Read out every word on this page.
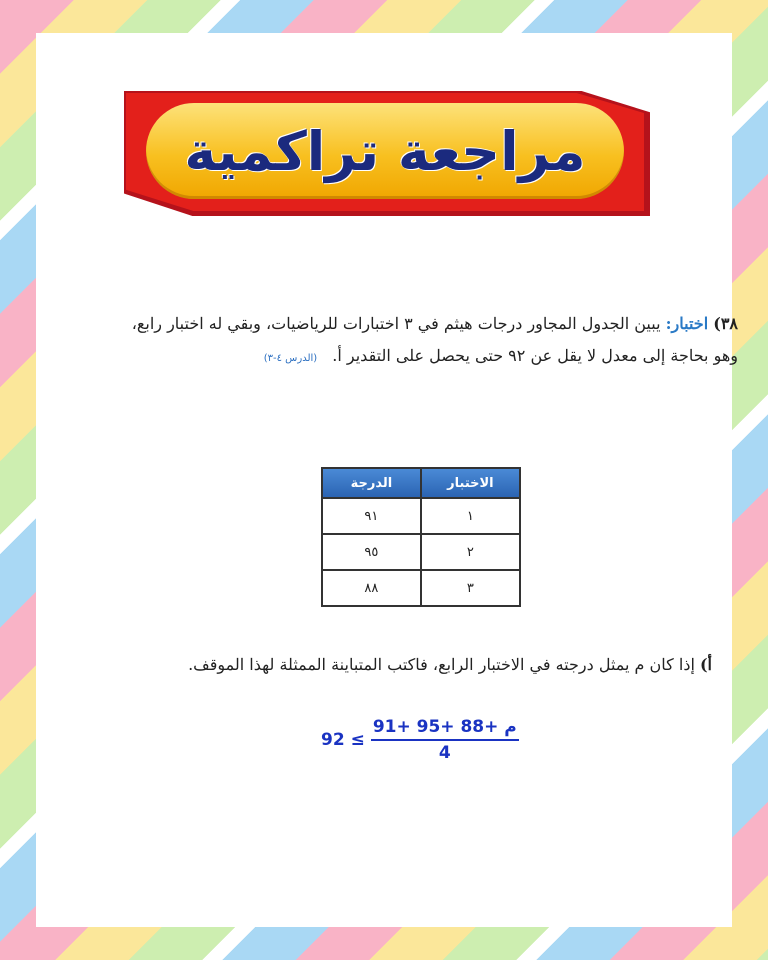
مراجعة تراكمية
٣٨) اختبار: يبين الجدول المجاور درجات هيثم في ٣ اختبارات للرياضيات، وبقي له اختبار رابع،
وهو بحاجة إلى معدل لا يقل عن ٩٢ حتى يحصل على التقدير أ. (الدرس ٤-٣)
الاختبار	الدرجة
١	٩١
٢	٩٥
٣	٨٨
أ) إذا كان م يمثل درجته في الاختبار الرابع، فاكتب المتباينة الممثلة لهذا الموقف.
$92 \le \frac{\text{91+ 95+ 88+ م}}{4}$
